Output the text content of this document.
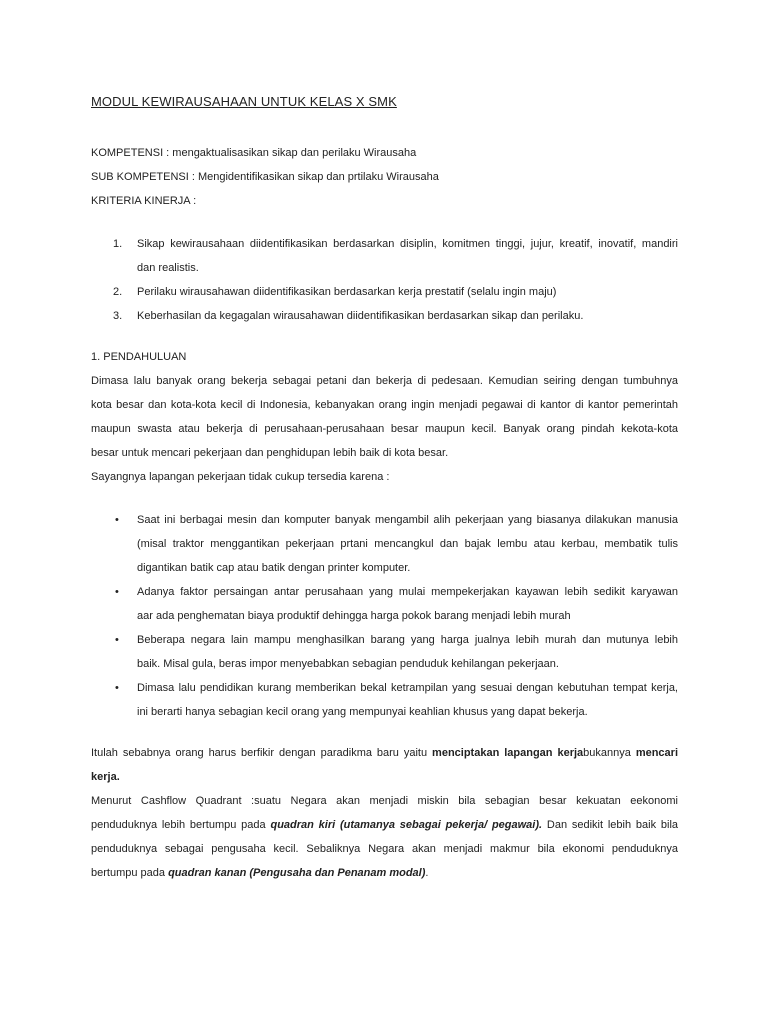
MODUL KEWIRAUSAHAAN UNTUK KELAS X SMK
KOMPETENSI : mengaktualisasikan sikap dan perilaku Wirausaha
SUB KOMPETENSI : Mengidentifikasikan sikap dan prtilaku Wirausaha
KRITERIA KINERJA :
1. Sikap kewirausahaan diidentifikasikan berdasarkan disiplin, komitmen tinggi, jujur, kreatif, inovatif, mandiri
dan realistis.
2. Perilaku wirausahawan diidentifikasikan berdasarkan kerja prestatif (selalu ingin maju)
3. Keberhasilan da kegagalan wirausahawan diidentifikasikan berdasarkan sikap dan perilaku.
1. PENDAHULUAN
Dimasa lalu banyak orang bekerja sebagai petani dan bekerja di pedesaan. Kemudian seiring dengan tumbuhnya
kota besar dan kota-kota kecil di Indonesia, kebanyakan orang ingin menjadi pegawai di kantor di kantor pemerintah
maupun swasta atau bekerja di perusahaan-perusahaan besar maupun kecil. Banyak orang pindah kekota-kota
besar untuk mencari pekerjaan dan penghidupan lebih baik di kota besar.
Sayangnya lapangan pekerjaan tidak cukup tersedia karena :
• Saat ini berbagai mesin dan komputer banyak mengambil alih pekerjaan yang biasanya dilakukan manusia
(misal traktor menggantikan pekerjaan prtani mencangkul dan bajak lembu atau kerbau, membatik tulis
digantikan batik cap atau batik dengan printer komputer.
• Adanya faktor persaingan antar perusahaan yang mulai mempekerjakan kayawan lebih sedikit karyawan
aar ada penghematan biaya produktif dehingga harga pokok barang menjadi lebih murah
• Beberapa negara lain mampu menghasilkan barang yang harga jualnya lebih murah dan mutunya lebih
baik. Misal gula, beras impor menyebabkan sebagian penduduk kehilangan pekerjaan.
• Dimasa lalu pendidikan kurang memberikan bekal ketrampilan yang sesuai dengan kebutuhan tempat kerja,
ini berarti hanya sebagian kecil orang yang mempunyai keahlian khusus yang dapat bekerja.
Itulah sebabnya orang harus berfikir dengan paradikma baru yaitu menciptakan lapangan kerjabukannya mencari
kerja.
Menurut Cashflow Quadrant :suatu Negara akan menjadi miskin bila sebagian besar kekuatan eekonomi
penduduknya lebih bertumpu pada quadran kiri (utamanya sebagai pekerja/ pegawai). Dan sedikit lebih baik bila
penduduknya sebagai pengusaha kecil. Sebaliknya Negara akan menjadi makmur bila ekonomi penduduknya
bertumpu pada quadran kanan (Pengusaha dan Penanam modal).
